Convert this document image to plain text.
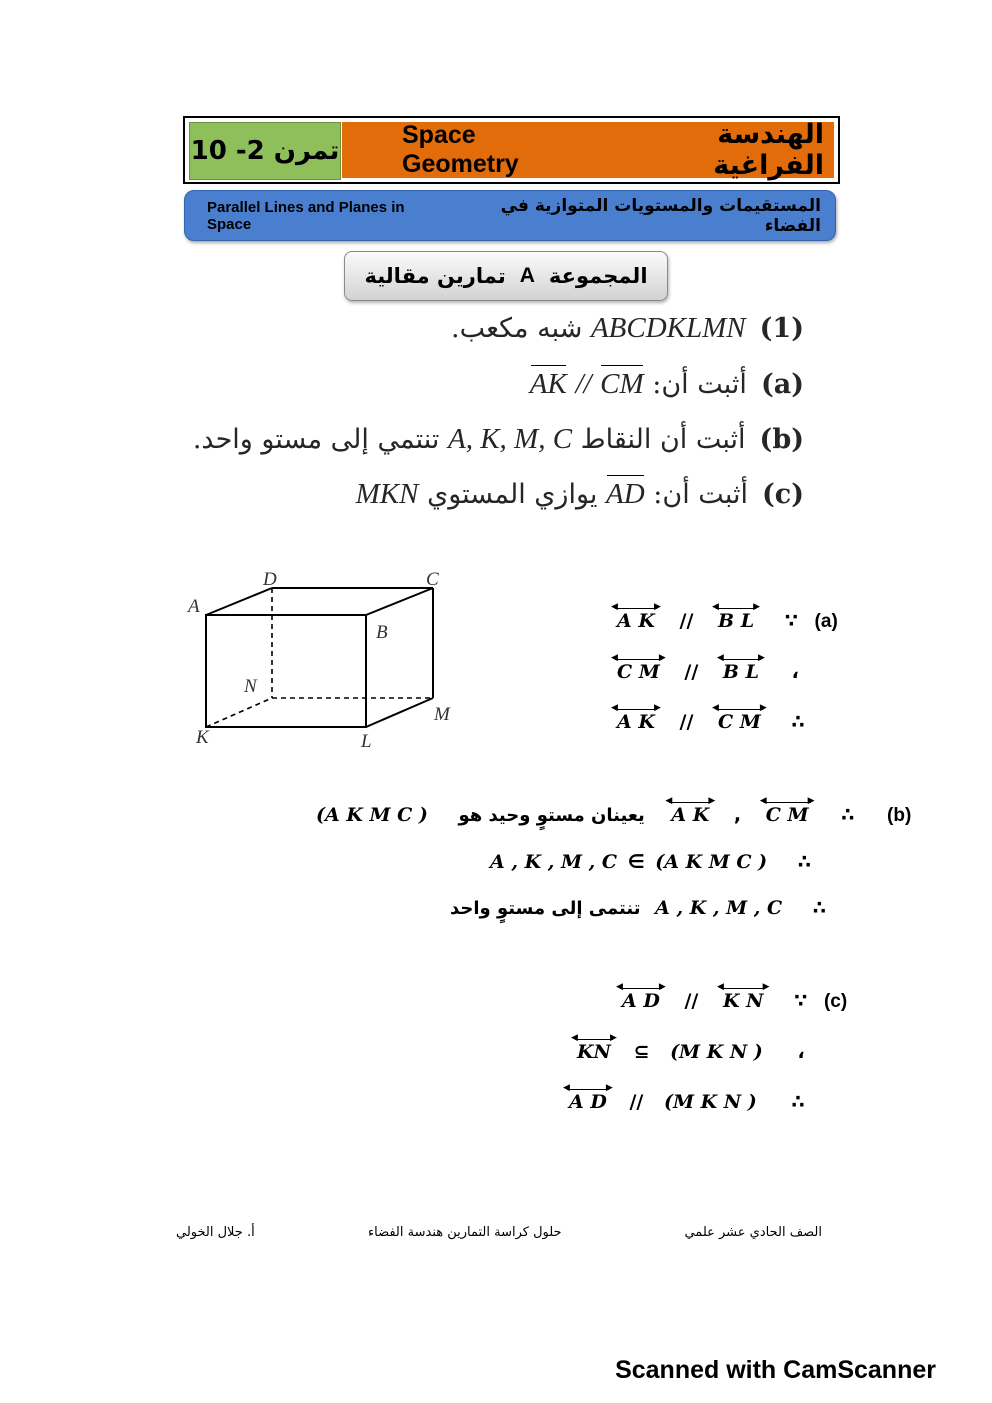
تمرن 2- 10
Space Geometry
الهندسة الفراغية
Parallel Lines and Planes in Space
المستقيمات والمستويات المتوازية في الفضاء
المجموعة
A
تمارين مقالية
(1)ABCDKLMN شبه مكعب.
(a)أثبت أن: AK // CM
(b)أثبت أن النقاط A, K, M, C تنتمي إلى مستو واحد.
(c)أثبت أن: AD يوازي المستوي MKN
A
B
C
D
K	L
M
N
◀
A K
▶
//
◀
B L
▶
∵ (a)
◀
C M
▶
//
◀
B L
▶
،
◀
A K
▶
//
◀
C M
▶
∴
(A K M C ) يعينان مستوٍ وحيد هو
◀
A K
▶
,
◀
C M
▶
∴ (b)
A , K , M , C ∈ (A K M C ) ∴
تنتمى إلى مستوٍ واحد A , K , M , C ∴
◀
A D
▶
//
◀
K N
▶
∵ (c)
◀
KN
▶
⊆ (M K N ) ،
◀
A D
▶
// (M K N ) ∴
الصف الحادي عشر علمي
حلول كراسة التمارين هندسة الفضاء
أ. جلال الخولي
Scanned with CamScanner
